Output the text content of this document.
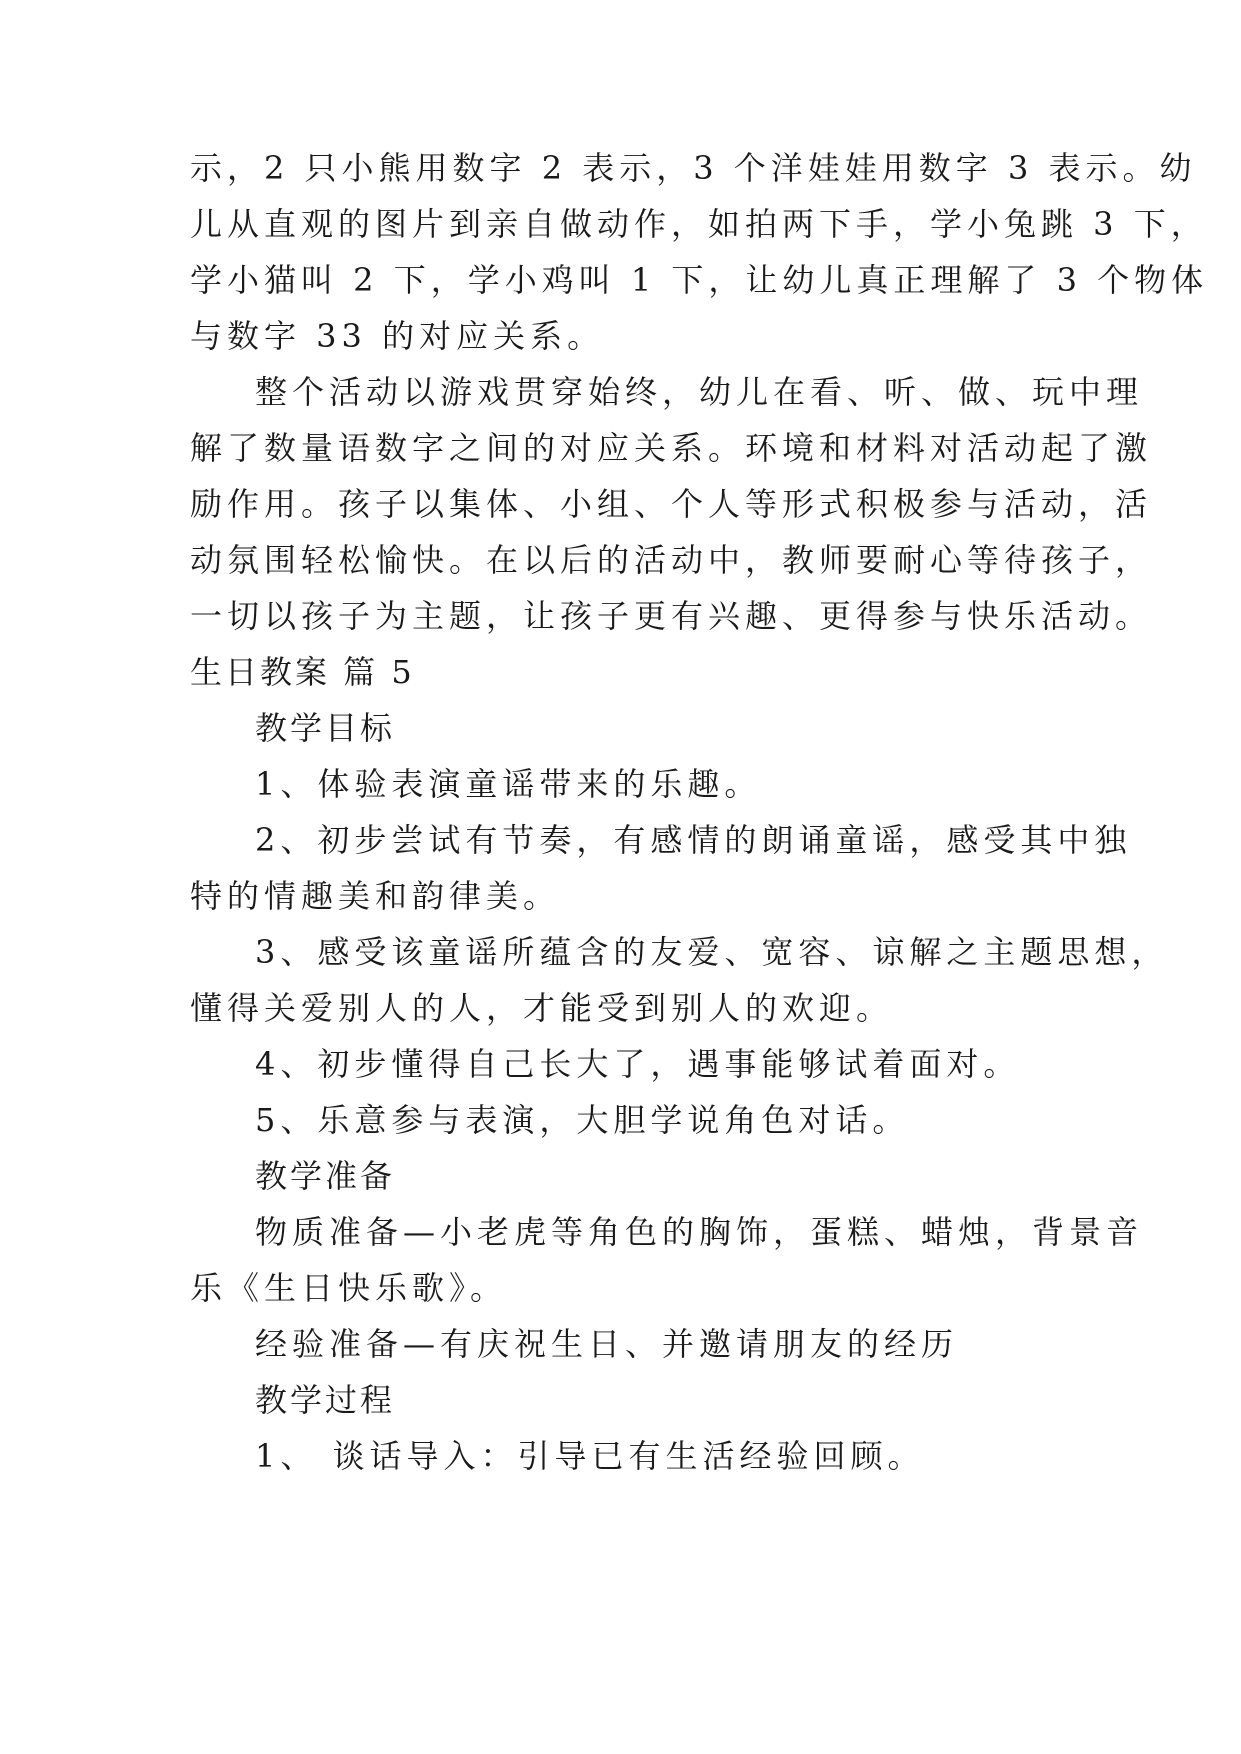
示，2 只小熊用数字 2 表示，3 个洋娃娃用数字 3 表示。幼
儿从直观的图片到亲自做动作，如拍两下手，学小兔跳 3 下，
学小猫叫 2 下，学小鸡叫 1 下，让幼儿真正理解了 3 个物体
与数字 33 的对应关系。
整个活动以游戏贯穿始终，幼儿在看、听、做、玩中理
解了数量语数字之间的对应关系。环境和材料对活动起了激
励作用。孩子以集体、小组、个人等形式积极参与活动，活
动氛围轻松愉快。在以后的活动中，教师要耐心等待孩子，
一切以孩子为主题，让孩子更有兴趣、更得参与快乐活动。
生日教案 篇 5
教学目标
1、体验表演童谣带来的乐趣。
2、初步尝试有节奏，有感情的朗诵童谣，感受其中独
特的情趣美和韵律美。
3、感受该童谣所蕴含的友爱、宽容、谅解之主题思想，
懂得关爱别人的人，才能受到别人的欢迎。
4、初步懂得自己长大了，遇事能够试着面对。
5、乐意参与表演，大胆学说角色对话。
教学准备
物质准备—小老虎等角色的胸饰，蛋糕、蜡烛，背景音
乐《生日快乐歌》。
经验准备—有庆祝生日、并邀请朋友的经历
教学过程
1、 谈话导入：引导已有生活经验回顾。
